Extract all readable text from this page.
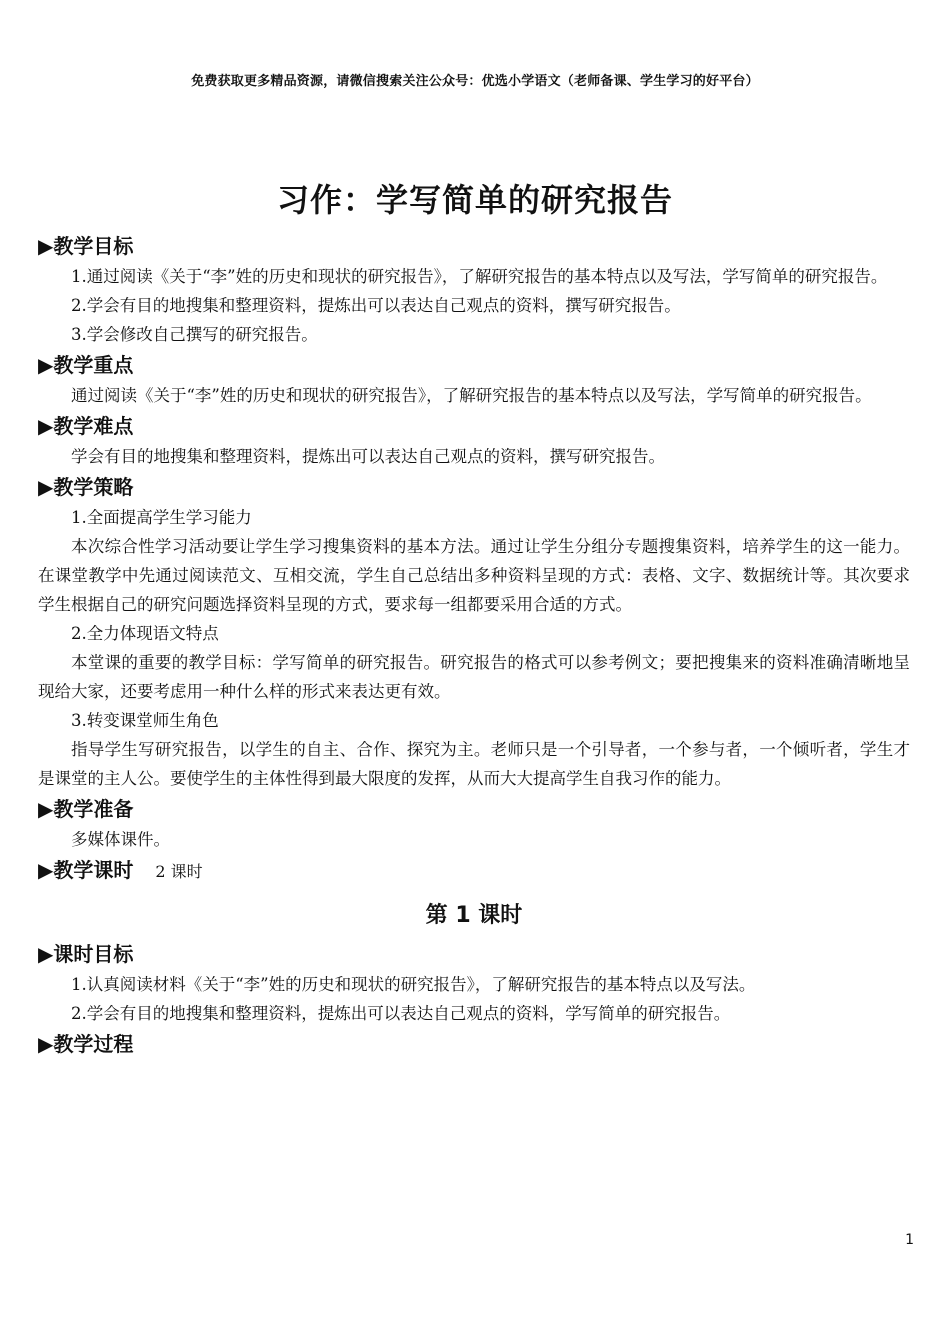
免费获取更多精品资源，请微信搜索关注公众号：优选小学语文（老师备课、学生学习的好平台）
习作：学写简单的研究报告
▶教学目标

1.通过阅读《关于“李”姓的历史和现状的研究报告》，了解研究报告的基本特点以及写法，学写简单的研究报告。

2.学会有目的地搜集和整理资料，提炼出可以表达自己观点的资料，撰写研究报告。

3.学会修改自己撰写的研究报告。

▶教学重点

通过阅读《关于“李”姓的历史和现状的研究报告》，了解研究报告的基本特点以及写法，学写简单的研究报告。

▶教学难点

学会有目的地搜集和整理资料，提炼出可以表达自己观点的资料，撰写研究报告。

▶教学策略

1.全面提高学生学习能力

本次综合性学习活动要让学生学习搜集资料的基本方法。通过让学生分组分专题搜集资料，培养学生的这一能力。在课堂教学中先通过阅读范文、互相交流，学生自己总结出多种资料呈现的方式：表格、文字、数据统计等。其次要求学生根据自己的研究问题选择资料呈现的方式，要求每一组都要采用合适的方式。

2.全力体现语文特点

本堂课的重要的教学目标：学写简单的研究报告。研究报告的格式可以参考例文；要把搜集来的资料准确清晰地呈现给大家，还要考虑用一种什么样的形式来表达更有效。

3.转变课堂师生角色

指导学生写研究报告，以学生的自主、合作、探究为主。老师只是一个引导者，一个参与者，一个倾听者，学生才是课堂的主人公。要使学生的主体性得到最大限度的发挥，从而大大提高学生自我习作的能力。

▶教学准备

多媒体课件。

▶教学课时 2 课时
第 1 课时
▶课时目标

1.认真阅读材料《关于“李”姓的历史和现状的研究报告》，了解研究报告的基本特点以及写法。

2.学会有目的地搜集和整理资料，提炼出可以表达自己观点的资料，学写简单的研究报告。

▶教学过程
1
